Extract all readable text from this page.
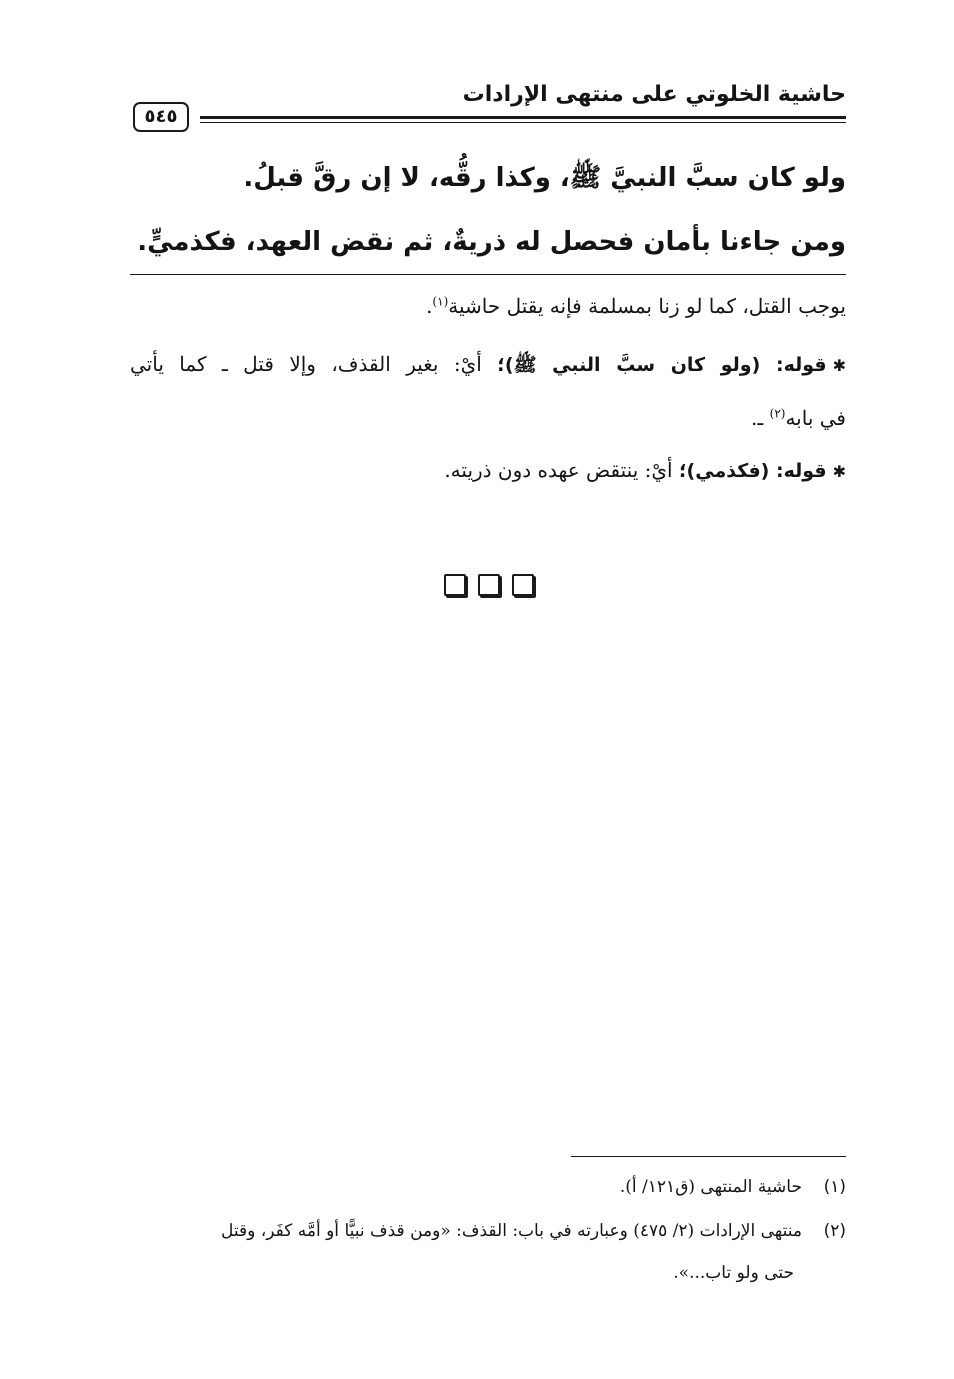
حاشية الخلوتي على منتهى الإرادات
٥٤٥
ولو كان سبَّ النبيَّ ﷺ، وكذا رقُّه، لا إن رقَّ قبلُ.
ومن جاءنا بأمان فحصل له ذريةٌ، ثم نقض العهد، فكذميٍّ.
يوجب القتل، كما لو زنا بمسلمة فإنه يقتل حاشية$^{(١)}$.
✱قوله: (ولو كان سبَّ النبي ﷺ)؛ أيْ: بغير القذف، وإلا قتل ـ كما يأتي
في بابه$^{(٢)}$ ـ.
✱قوله: (فكذمي)؛ أيْ: ينتقض عهده دون ذريته.
(١)حاشية المنتهى (ق١٢١/ أ).
(٢)منتهى الإرادات (٢/ ٤٧٥) وعبارته في باب: القذف: «ومن قذف نبيًّا أو أمَّه كفَر، وقتل
حتى ولو تاب...».
